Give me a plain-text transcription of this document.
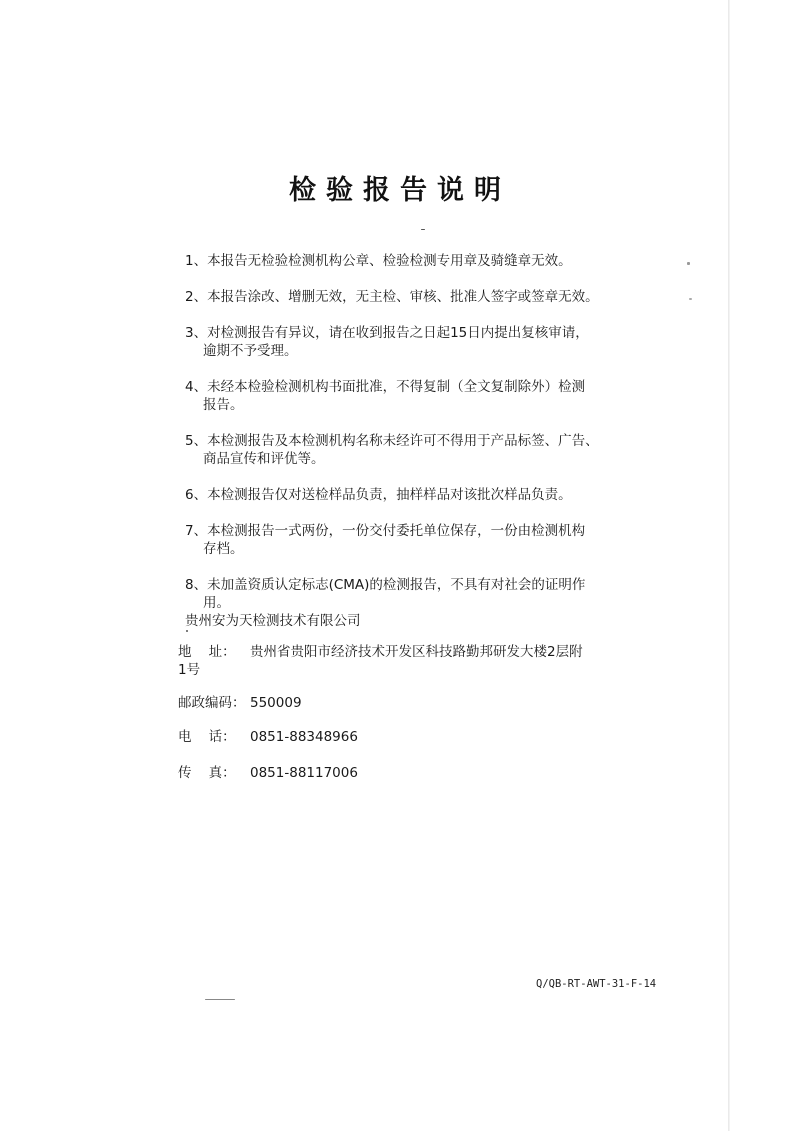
检验报告说明
1、本报告无检验检测机构公章、检验检测专用章及骑缝章无效。
2、本报告涂改、增删无效，无主检、审核、批准人签字或签章无效。
3、对检测报告有异议，请在收到报告之日起15日内提出复核审请，
逾期不予受理。
4、未经本检验检测机构书面批准，不得复制（全文复制除外）检测
报告。
5、本检测报告及本检测机构名称未经许可不得用于产品标签、广告、
商品宣传和评优等。
6、本检测报告仅对送检样品负责，抽样样品对该批次样品负责。
7、本检测报告一式两份，一份交付委托单位保存，一份由检测机构
存档。
8、未加盖资质认定标志(CMA)的检测报告，不具有对社会的证明作
用。
贵州安为天检测技术有限公司
地    址： 贵州省贵阳市经济技术开发区科技路勤邦研发大楼2层附
1号
邮政编码： 550009
电    话： 0851-88348966
传    真： 0851-88117006
Q/QB-RT-AWT-31-F-14
